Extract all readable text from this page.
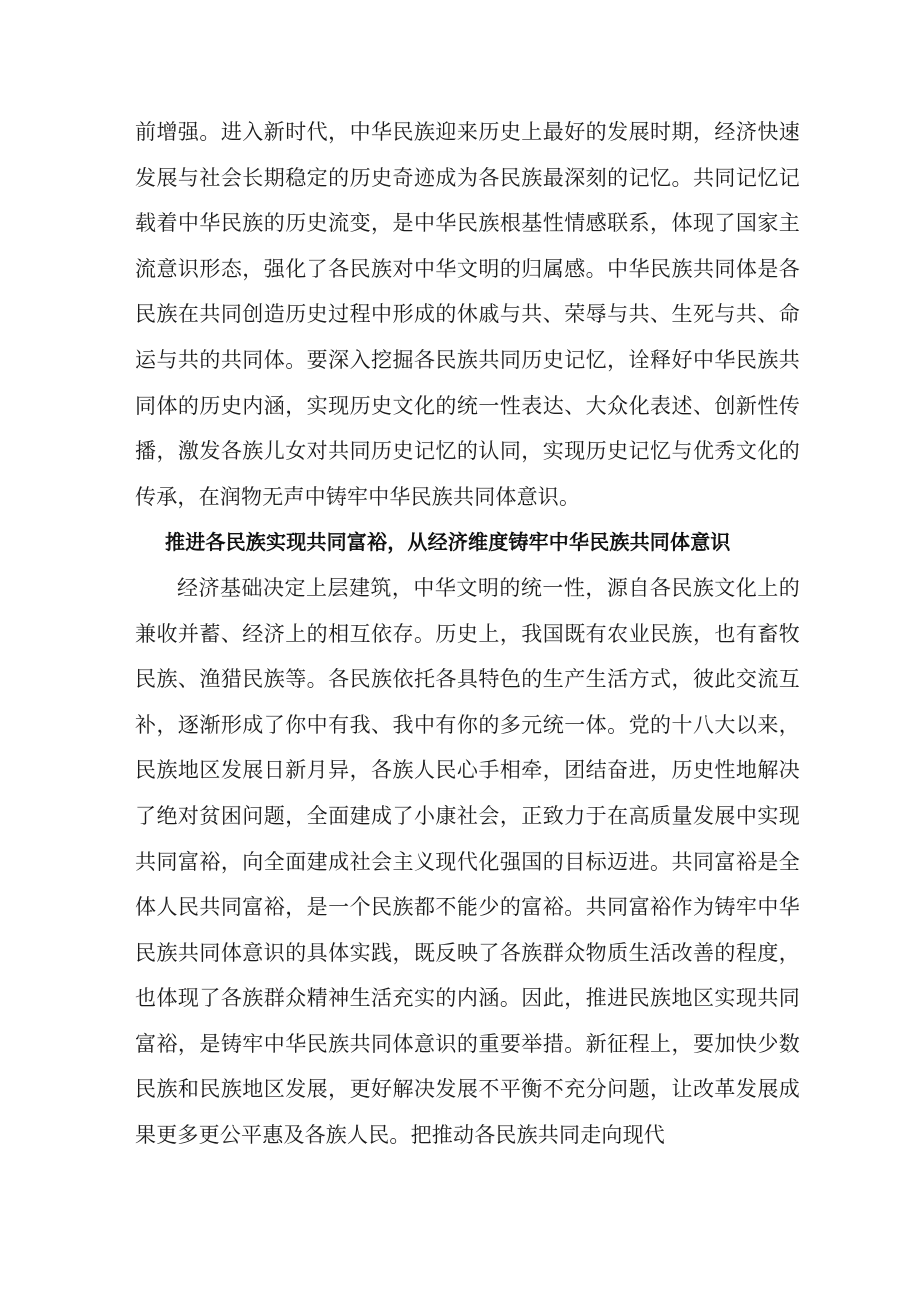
前增强。进入新时代，中华民族迎来历史上最好的发展时期，经济快速发展与社会长期稳定的历史奇迹成为各民族最深刻的记忆。共同记忆记载着中华民族的历史流变，是中华民族根基性情感联系，体现了国家主流意识形态，强化了各民族对中华文明的归属感。中华民族共同体是各民族在共同创造历史过程中形成的休戚与共、荣辱与共、生死与共、命运与共的共同体。要深入挖掘各民族共同历史记忆，诠释好中华民族共同体的历史内涵，实现历史文化的统一性表达、大众化表述、创新性传播，激发各族儿女对共同历史记忆的认同，实现历史记忆与优秀文化的传承，在润物无声中铸牢中华民族共同体意识。

推进各民族实现共同富裕，从经济维度铸牢中华民族共同体意识

经济基础决定上层建筑，中华文明的统一性，源自各民族文化上的兼收并蓄、经济上的相互依存。历史上，我国既有农业民族，也有畜牧民族、渔猎民族等。各民族依托各具特色的生产生活方式，彼此交流互补，逐渐形成了你中有我、我中有你的多元统一体。党的十八大以来，民族地区发展日新月异，各族人民心手相牵，团结奋进，历史性地解决了绝对贫困问题，全面建成了小康社会，正致力于在高质量发展中实现共同富裕，向全面建成社会主义现代化强国的目标迈进。共同富裕是全体人民共同富裕，是一个民族都不能少的富裕。共同富裕作为铸牢中华民族共同体意识的具体实践，既反映了各族群众物质生活改善的程度，也体现了各族群众精神生活充实的内涵。因此，推进民族地区实现共同富裕，是铸牢中华民族共同体意识的重要举措。新征程上，要加快少数民族和民族地区发展，更好解决发展不平衡不充分问题，让改革发展成果更多更公平惠及各族人民。把推动各民族共同走向现代
